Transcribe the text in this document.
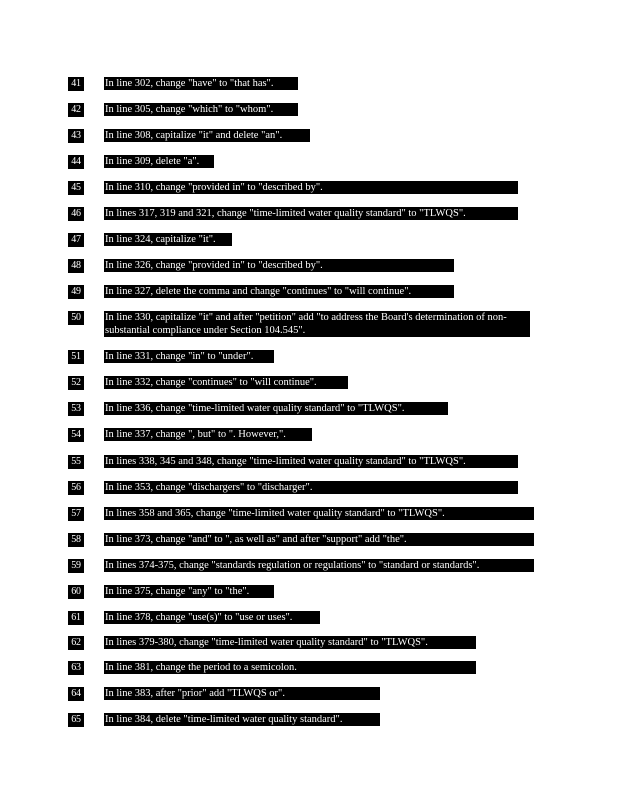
41	In line 302, change "have" to "that has".
42	In line 305, change "which" to "whom".
43	In line 308, capitalize "it" and delete "an".
44	In line 309, delete "a".
45	In line 310, change "provided in" to "described by".
46	In lines 317, 319 and 321, change "time-limited water quality standard" to "TLWQS".
47	In line 324, capitalize "it".
48	In line 326, change "provided in" to "described by".
49	In line 327, delete the comma and change "continues" to "will continue".
50	In line 330, capitalize "it" and after "petition" add "to address the Board's determination of non-substantial compliance under Section 104.545".
51	In line 331, change "in" to "under".
52	In line 332, change "continues" to "will continue".
53	In line 336, change "time-limited water quality standard" to "TLWQS".
54	In line 337, change ", but" to ". However,".
55	In lines 338, 345 and 348, change "time-limited water quality standard" to "TLWQS".
56	In line 353, change "dischargers" to "discharger".
57	In lines 358 and 365, change "time-limited water quality standard" to "TLWQS".
58	In line 373, change "and" to ", as well as" and after "support" add "the".
59	In lines 374-375, change "standards regulation or regulations" to "standard or standards".
60	In line 375, change "any" to "the".
61	In line 378, change "use(s)" to "use or uses".
62	In lines 379-380, change "time-limited water quality standard" to "TLWQS".
63	In line 381, change the period to a semicolon.
64	In line 383, after "prior" add "TLWQS or".
65	In line 384, delete "time-limited water quality standard".
